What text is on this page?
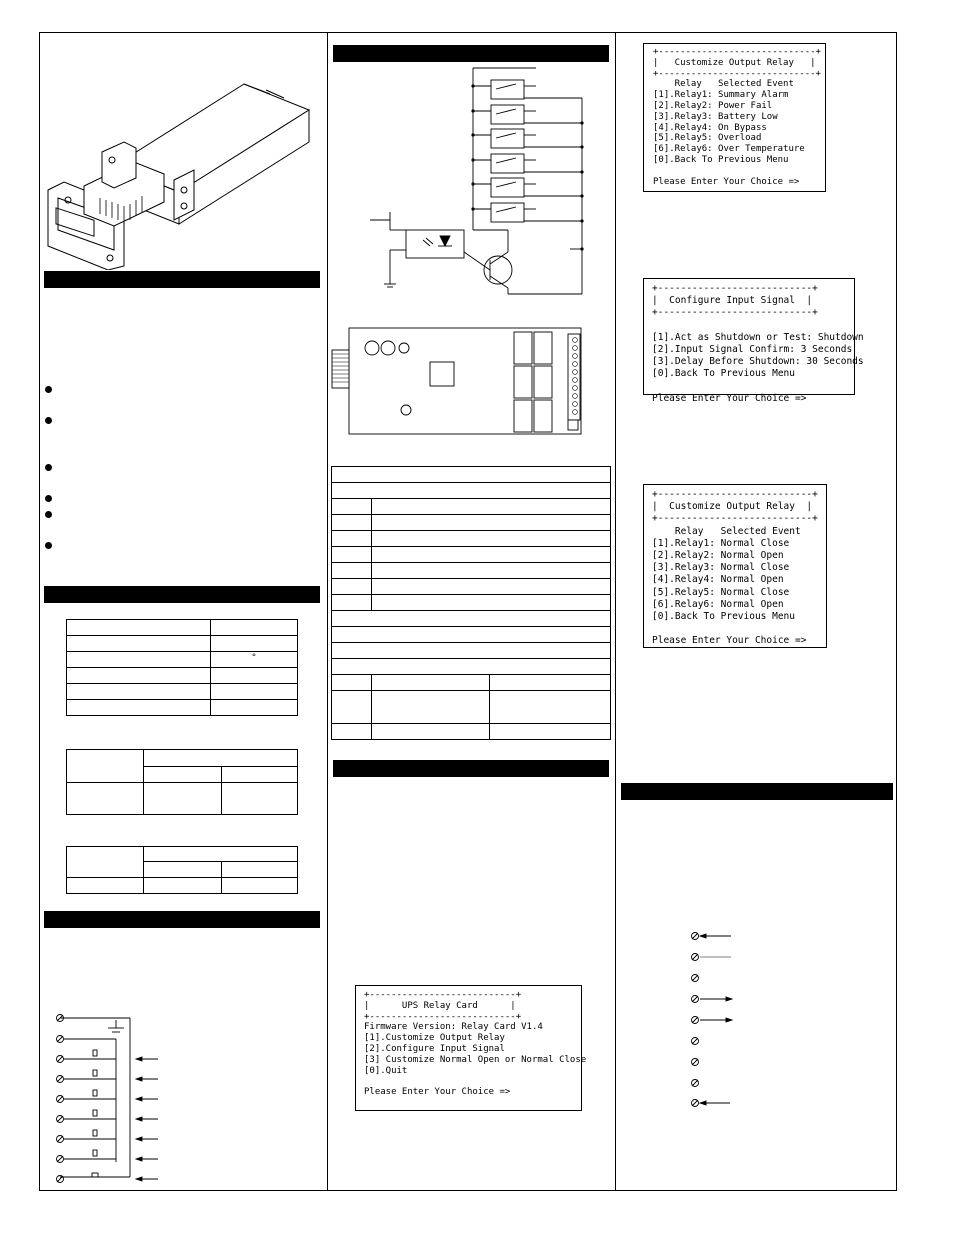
	°

+---------------------------+
|      UPS Relay Card      |
+---------------------------+
Firmware Version: Relay Card V1.4
[1].Customize Output Relay
[2].Configure Input Signal
[3] Customize Normal Open or Normal Close
[0].Quit

Please Enter Your Choice =>
+-----------------------------+
|   Customize Output Relay   |
+-----------------------------+
Relay   Selected Event
[1].Relay1: Summary Alarm
[2].Relay2: Power Fail
[3].Relay3: Battery Low
[4].Relay4: On Bypass
[5].Relay5: Overload
[6].Relay6: Over Temperature
[0].Back To Previous Menu

Please Enter Your Choice =>
+---------------------------+
|  Configure Input Signal  |
+---------------------------+

[1].Act as Shutdown or Test: Shutdown
[2].Input Signal Confirm: 3 Seconds
[3].Delay Before Shutdown: 30 Seconds
[0].Back To Previous Menu

Please Enter Your Choice =>
+---------------------------+
|  Customize Output Relay  |
+---------------------------+
Relay   Selected Event
[1].Relay1: Normal Close
[2].Relay2: Normal Open
[3].Relay3: Normal Close
[4].Relay4: Normal Open
[5].Relay5: Normal Close
[6].Relay6: Normal Open
[0].Back To Previous Menu

Please Enter Your Choice =>
